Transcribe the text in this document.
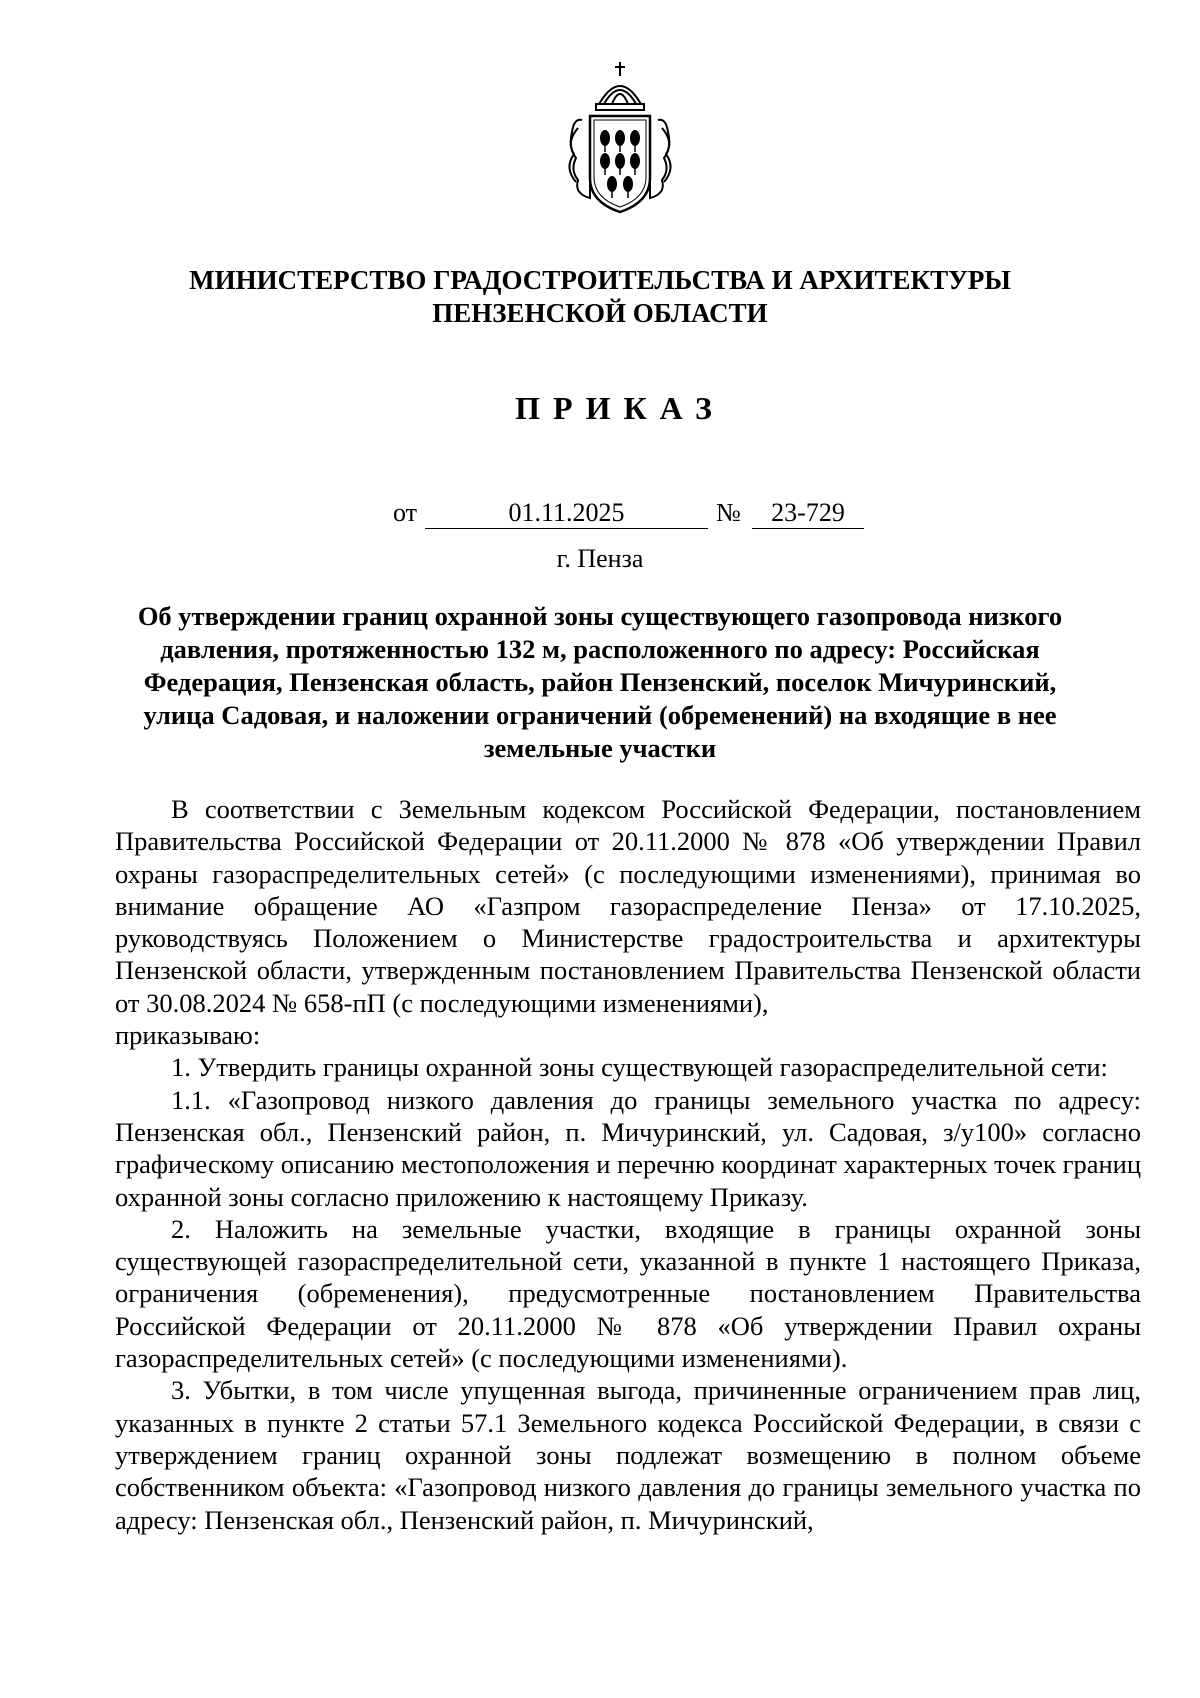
МИНИСТЕРСТВО ГРАДОСТРОИТЕЛЬСТВА И АРХИТЕКТУРЫ
ПЕНЗЕНСКОЙ ОБЛАСТИ
ПРИКАЗ
от	01.11.2025	№	23-729
г. Пенза
Об утверждении границ охранной зоны существующего газопровода низкого давления, протяженностью 132 м, расположенного по адресу: Российская Федерация, Пензенская область, район Пензенский, поселок Мичуринский, улица Садовая, и наложении ограничений (обременений) на входящие в нее земельные участки

В соответствии с Земельным кодексом Российской Федерации, постановлением Правительства Российской Федерации от 20.11.2000 № 878 «Об утверждении Правил охраны газораспределительных сетей» (с последующими изменениями), принимая во внимание обращение АО «Газпром газораспределение Пенза» от 17.10.2025, руководствуясь Положением о Министерстве градостроительства и архитектуры Пензенской области, утвержденным постановлением Правительства Пензенской области от 30.08.2024 № 658-пП (с последующими изменениями),

приказываю:

1. Утвердить границы охранной зоны существующей газораспределительной сети:

1.1. «Газопровод низкого давления до границы земельного участка по адресу: Пензенская обл., Пензенский район, п. Мичуринский, ул. Садовая, з/у100» согласно графическому описанию местоположения и перечню координат характерных точек границ охранной зоны согласно приложению к настоящему Приказу.

2. Наложить на земельные участки, входящие в границы охранной зоны существующей газораспределительной сети, указанной в пункте 1 настоящего Приказа, ограничения (обременения), предусмотренные постановлением Правительства Российской Федерации от 20.11.2000 № 878 «Об утверждении Правил охраны газораспределительных сетей» (с последующими изменениями).

3. Убытки, в том числе упущенная выгода, причиненные ограничением прав лиц, указанных в пункте 2 статьи 57.1 Земельного кодекса Российской Федерации, в связи с утверждением границ охранной зоны подлежат возмещению в полном объеме собственником объекта: «Газопровод низкого давления до границы земельного участка по адресу: Пензенская обл., Пензенский район, п. Мичуринский,
